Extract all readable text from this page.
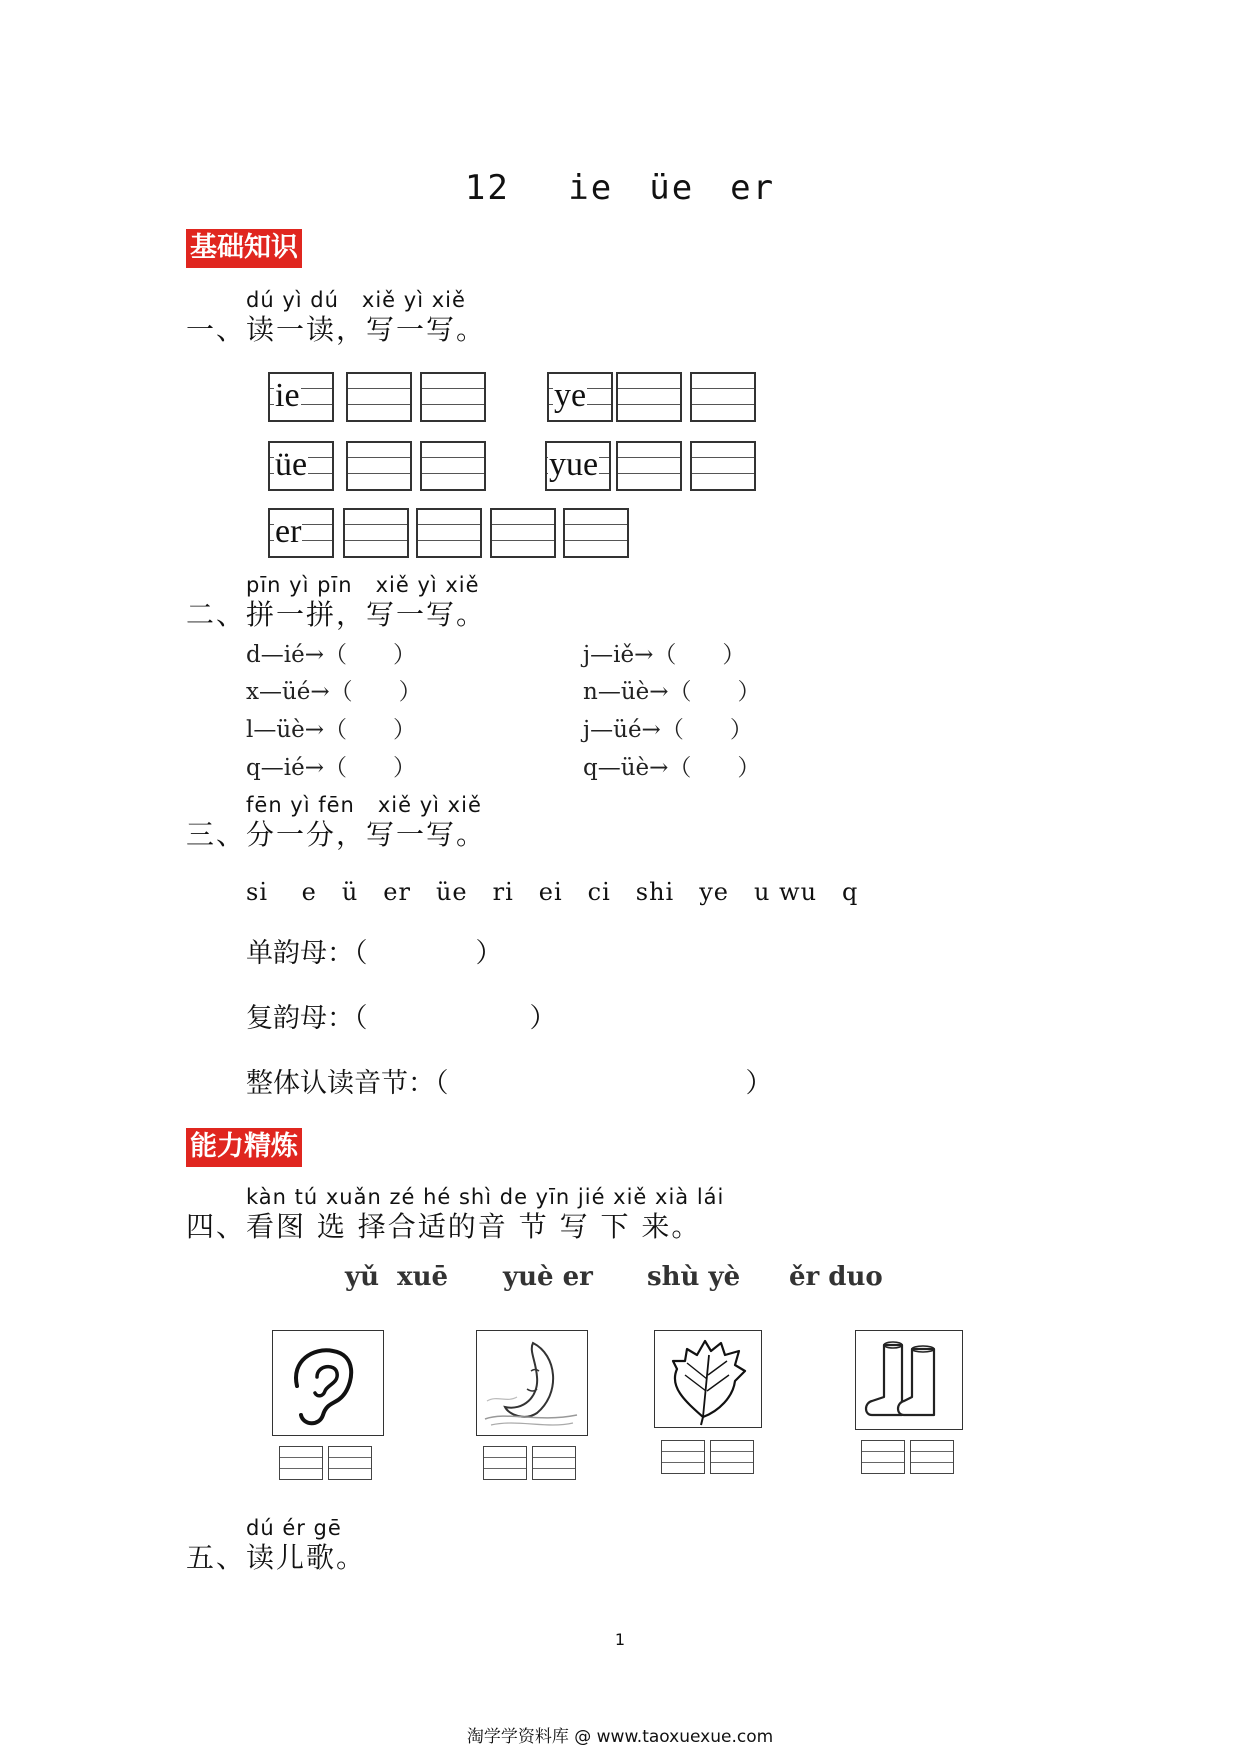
12　 ie　üe　er
基础知识
dú yì dú   xiě yì xiě
一、读一读，写一写。
ie	ye
üe	yue
er
pīn yì pīn   xiě yì xiě
二、拼一拼，写一写。
d—ié→（　　）	j—iě→（　　）
x—üé→（　　）	n—üè→（　　）
l—üè→（　　）	j—üé→（　　）
q—ié→（　　）	q—üè→（　　）
fēn yì fēn   xiě yì xiě
三、分一分，写一写。
si　 e　ü　er　üe　ri　ei　ci　shi　ye　u wu　q
单韵母：（　　　　）
复韵母：（　　　　　　）
整体认读音节：（　　　　　　　　　　　）
能力精炼
kàn tú xuǎn zé hé shì de yīn jié xiě xià lái
四、看图 选 择合适的音 节 写 下 来。
yǔ  xuē yuè er shù yè ěr duo
dú ér gē
五、读儿歌。
1
淘学学资料库 @ www.taoxuexue.com
